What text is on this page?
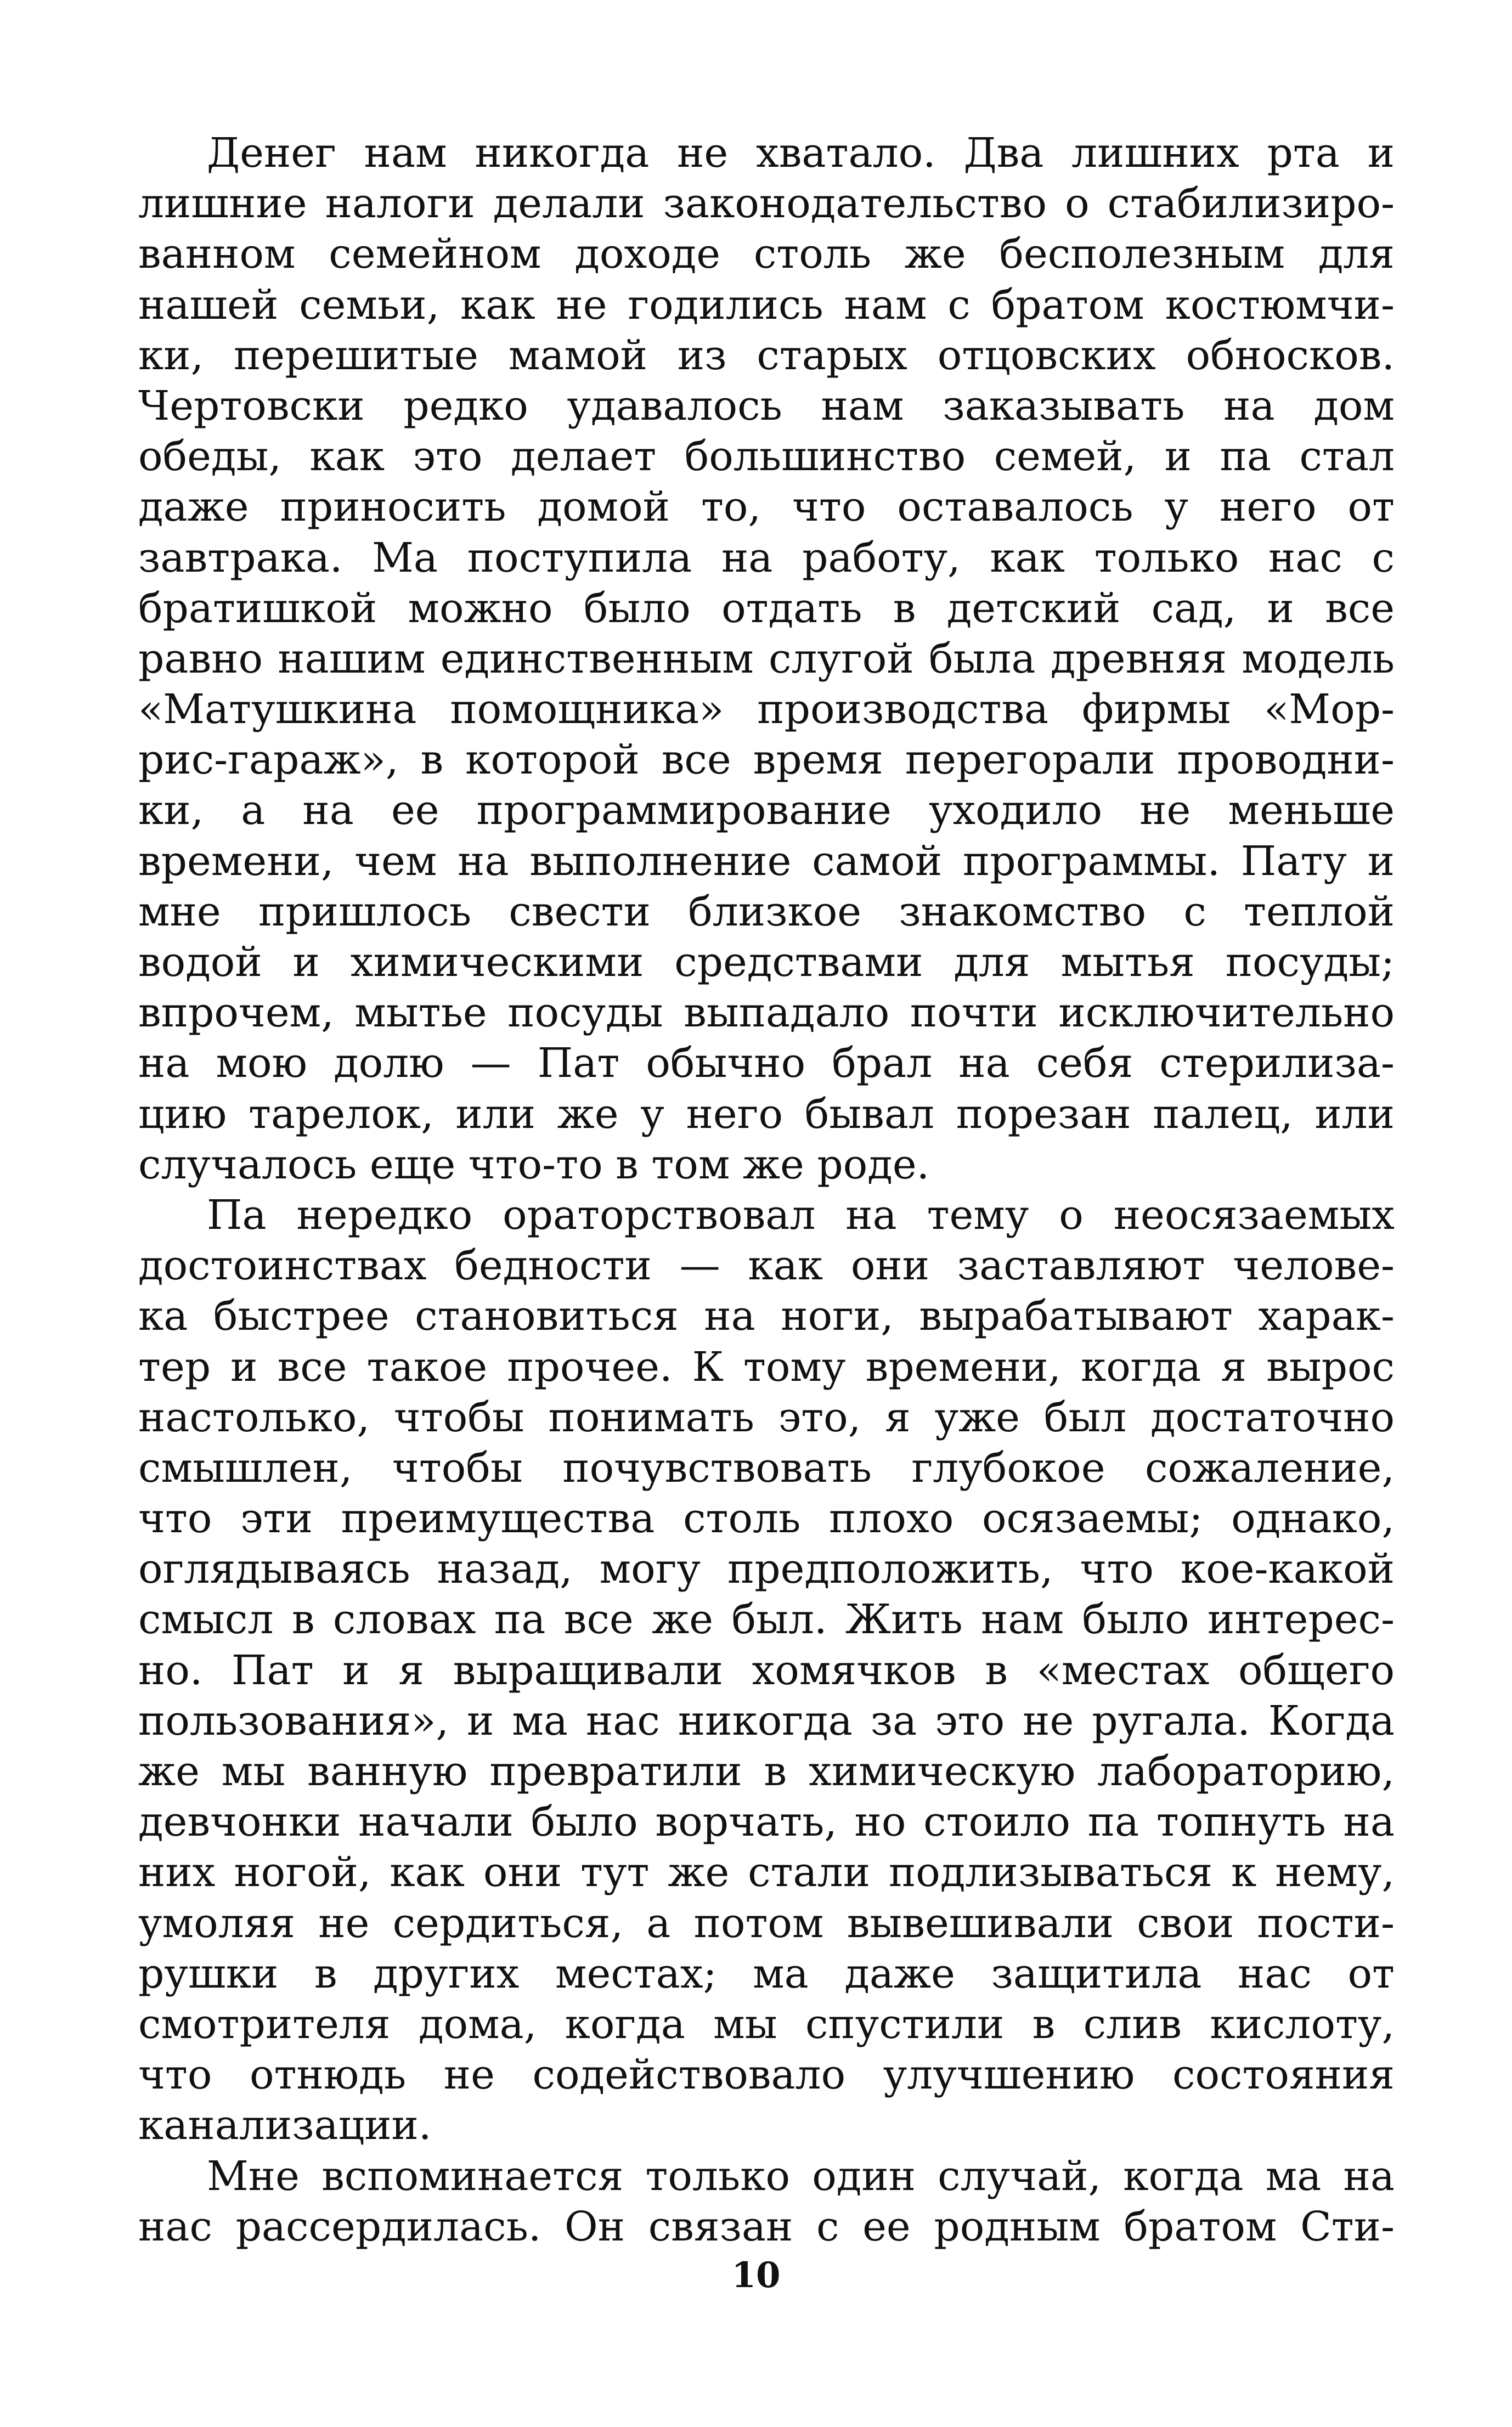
Денег нам никогда не хватало. Два лишних рта и
лишние налоги делали законодательство о стабилизиро-
ванном семейном доходе столь же бесполезным для
нашей семьи, как не годились нам с братом костюмчи-
ки, перешитые мамой из старых отцовских обносков.
Чертовски редко удавалось нам заказывать на дом
обеды, как это делает большинство семей, и па стал
даже приносить домой то, что оставалось у него от
завтрака. Ма поступила на работу, как только нас с
братишкой можно было отдать в детский сад, и все
равно нашим единственным слугой была древняя модель
«Матушкина помощника» производства фирмы «Мор-
рис-гараж», в которой все время перегорали проводни-
ки, а на ее программирование уходило не меньше
времени, чем на выполнение самой программы. Пату и
мне пришлось свести близкое знакомство с теплой
водой и химическими средствами для мытья посуды;
впрочем, мытье посуды выпадало почти исключительно
на мою долю — Пат обычно брал на себя стерилиза-
цию тарелок, или же у него бывал порезан палец, или
случалось еще что-то в том же роде.
Па нередко ораторствовал на тему о неосязаемых
достоинствах бедности — как они заставляют челове-
ка быстрее становиться на ноги, вырабатывают харак-
тер и все такое прочее. К тому времени, когда я вырос
настолько, чтобы понимать это, я уже был достаточно
смышлен, чтобы почувствовать глубокое сожаление,
что эти преимущества столь плохо осязаемы; однако,
оглядываясь назад, могу предположить, что кое-какой
смысл в словах па все же был. Жить нам было интерес-
но. Пат и я выращивали хомячков в «местах общего
пользования», и ма нас никогда за это не ругала. Когда
же мы ванную превратили в химическую лабораторию,
девчонки начали было ворчать, но стоило па топнуть на
них ногой, как они тут же стали подлизываться к нему,
умоляя не сердиться, а потом вывешивали свои пости-
рушки в других местах; ма даже защитила нас от
смотрителя дома, когда мы спустили в слив кислоту,
что отнюдь не содействовало улучшению состояния
канализации.
Мне вспоминается только один случай, когда ма на
нас рассердилась. Он связан с ее родным братом Сти-
10
